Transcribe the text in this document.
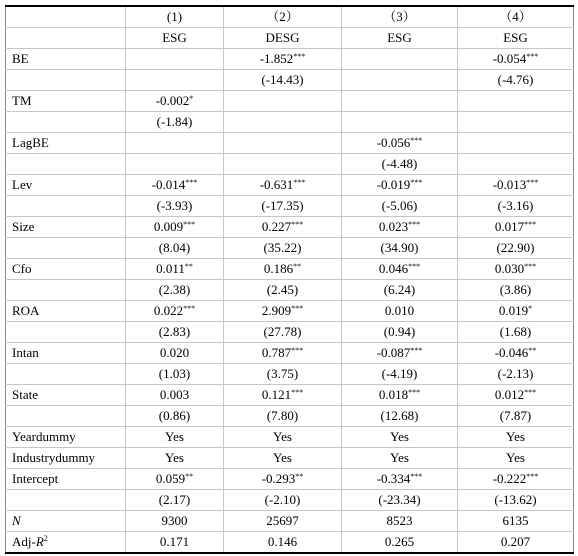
	(1)	（2）	（3）	（4）
	ESG	DESG	ESG	ESG
BE		-1.852***		-0.054***
		(-14.43)		(-4.76)
TM	-0.002*			
	(-1.84)			
LagBE			-0.056***	
			(-4.48)	
Lev	-0.014***	-0.631***	-0.019***	-0.013***
	(-3.93)	(-17.35)	(-5.06)	(-3.16)
Size	0.009***	0.227***	0.023***	0.017***
	(8.04)	(35.22)	(34.90)	(22.90)
Cfo	0.011**	0.186**	0.046***	0.030***
	(2.38)	(2.45)	(6.24)	(3.86)
ROA	0.022***	2.909***	0.010	0.019*
	(2.83)	(27.78)	(0.94)	(1.68)
Intan	0.020	0.787***	-0.087***	-0.046**
	(1.03)	(3.75)	(-4.19)	(-2.13)
State	0.003	0.121***	0.018***	0.012***
	(0.86)	(7.80)	(12.68)	(7.87)
Yeardummy	Yes	Yes	Yes	Yes
Industrydummy	Yes	Yes	Yes	Yes
Intercept	0.059**	-0.293**	-0.334***	-0.222***
	(2.17)	(-2.10)	(-23.34)	(-13.62)
N	9300	25697	8523	6135
Adj-$R^2$	0.171	0.146	0.265	0.207
